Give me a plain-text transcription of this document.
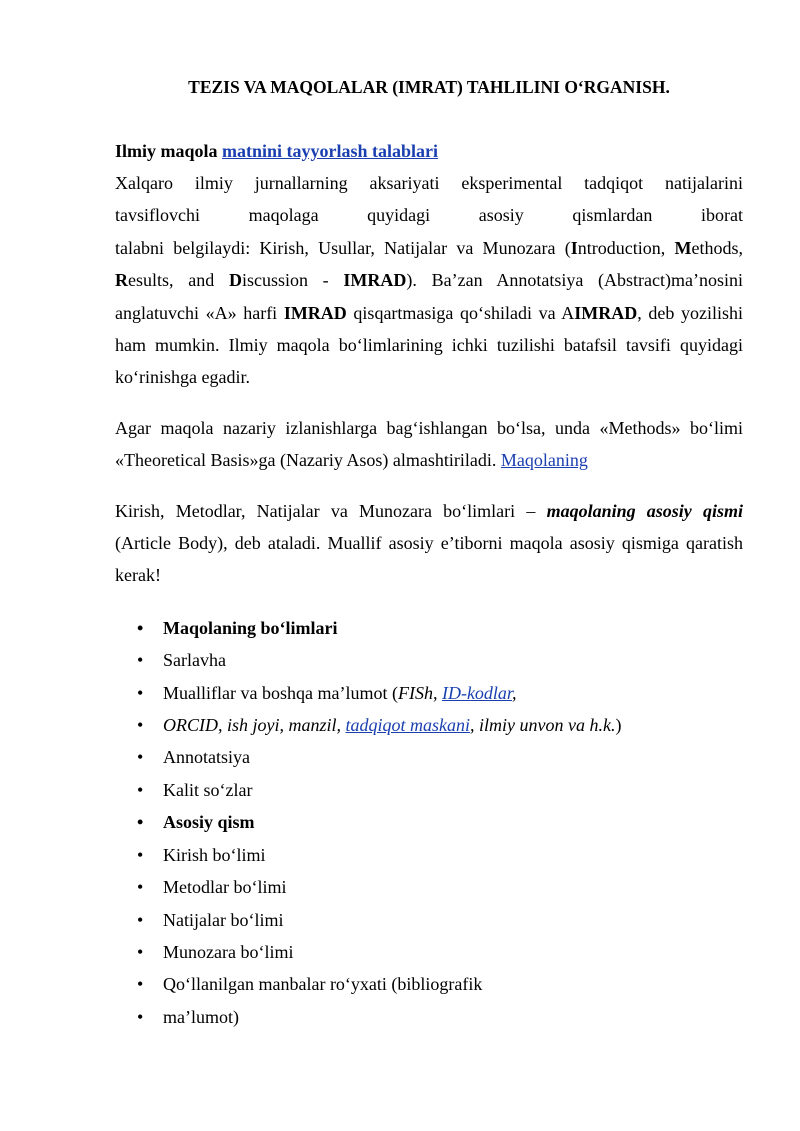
TEZIS VA MAQOLALAR (IMRAT) TAHLILINI O‘RGANISH.
Ilmiy maqola matnini tayyorlash talablari

Xalqaro ilmiy jurnallarning aksariyati eksperimental tadqiqot natijalarini

tavsiflovchi maqolaga quyidagi asosiy qismlardan iborat

talabni belgilaydi: Kirish, Usullar, Natijalar va Munozara (Introduction, Methods, Results, and Discussion - IMRAD). Ba’zan Annotatsiya (Abstract)ma’nosini anglatuvchi «A» harfi IMRAD qisqartmasiga qo‘shiladi va AIMRAD, deb yozilishi ham mumkin. Ilmiy maqola bo‘limlarining ichki tuzilishi batafsil tavsifi quyidagi ko‘rinishga egadir.

Agar maqola nazariy izlanishlarga bag‘ishlangan bo‘lsa, unda «Methods» bo‘limi «Theoretical Basis»ga (Nazariy Asos) almashtiriladi. Maqolaning

Kirish, Metodlar, Natijalar va Munozara bo‘limlari – maqolaning asosiy qismi (Article Body), deb ataladi. Muallif asosiy e’tiborni maqola asosiy qismiga qaratish kerak!

• Maqolaning bo‘limlari
• Sarlavha
• Mualliflar va boshqa ma’lumot (FISh, ID-kodlar,
• ORCID, ish joyi, manzil, tadqiqot maskani, ilmiy unvon va h.k.)
• Annotatsiya
• Kalit so‘zlar
• Asosiy qism
• Kirish bo‘limi
• Metodlar bo‘limi
• Natijalar bo‘limi
• Munozara bo‘limi
• Qo‘llanilgan manbalar ro‘yxati (bibliografik
• ma’lumot)
